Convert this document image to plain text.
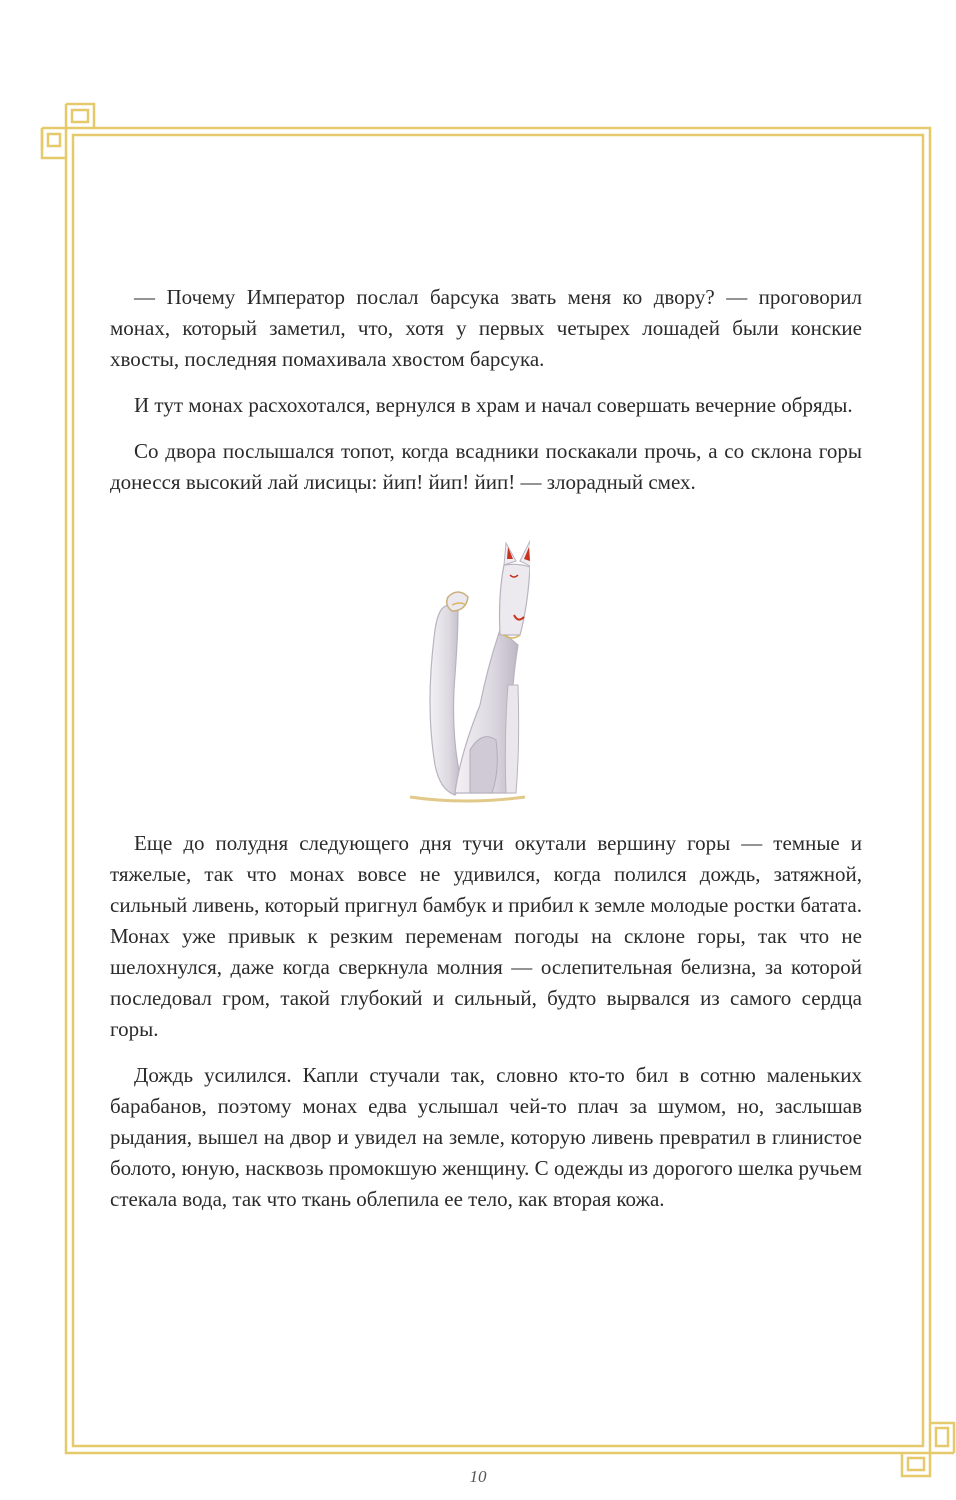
— Почему Император послал барсука звать меня ко двору? — проговорил монах, который заметил, что, хотя у первых четырех лошадей были конские хвосты, последняя помахивала хвостом барсука.

И тут монах расхохотался, вернулся в храм и начал совершать вечерние обряды.

Со двора послышался топот, когда всадники поскакали прочь, а со склона горы донесся высокий лай лисицы: йип! йип! йип! — злорадный смех.

Еще до полудня следующего дня тучи окутали вершину горы — темные и тяжелые, так что монах вовсе не удивился, когда полился дождь, затяжной, сильный ливень, который пригнул бамбук и прибил к земле молодые ростки батата. Монах уже привык к резким переменам погоды на склоне горы, так что не шелохнулся, даже когда сверкнула молния — ослепительная белизна, за которой последовал гром, такой глубокий и сильный, будто вырвался из самого сердца горы.

Дождь усилился. Капли стучали так, словно кто-то бил в сотню маленьких барабанов, поэтому монах едва услышал чей-то плач за шумом, но, заслышав рыдания, вышел на двор и увидел на земле, которую ливень превратил в глинистое болото, юную, насквозь промокшую женщину. С одежды из дорогого шелка ручьем стекала вода, так что ткань облепила ее тело, как вторая кожа.

10
